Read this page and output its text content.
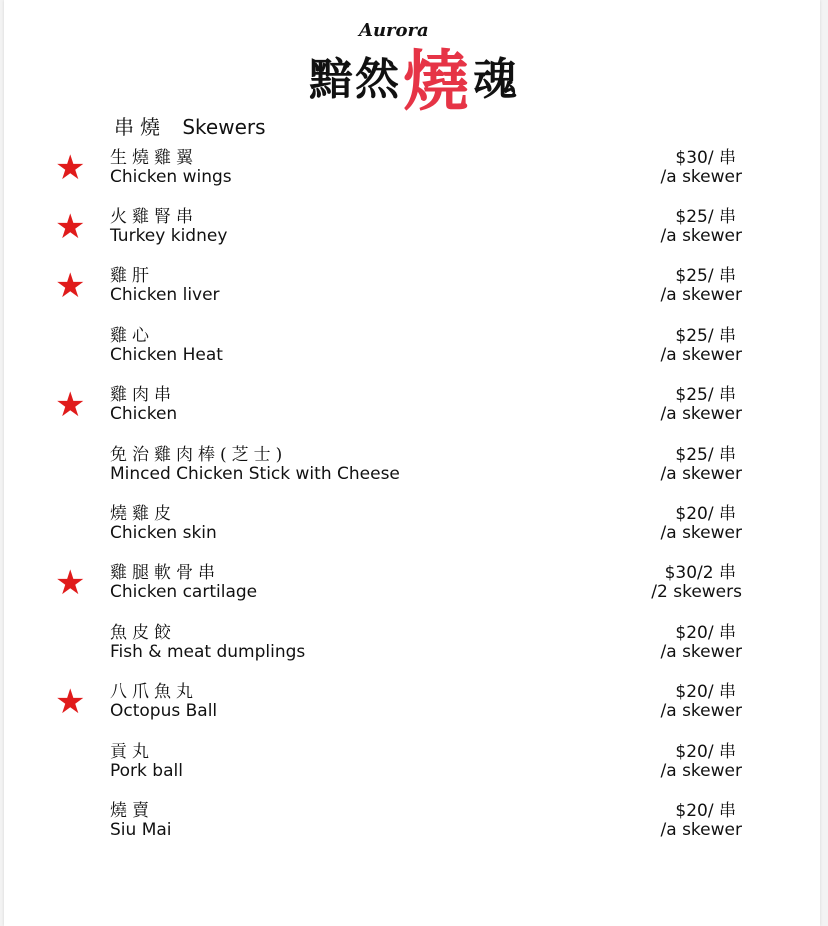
Aurora
黯然燒魂
串燒 Skewers
★ 生燒雞翼
Chicken wings
$30/ 串
/a skewer
★ 火雞腎串
Turkey kidney
$25/ 串
/a skewer
★ 雞肝
Chicken liver
$25/ 串
/a skewer
雞心
Chicken Heat
$25/ 串
/a skewer
★ 雞肉串
Chicken
$25/ 串
/a skewer
免治雞肉棒(芝士)
Minced Chicken Stick with Cheese
$25/ 串
/a skewer
燒雞皮
Chicken skin
$20/ 串
/a skewer
★ 雞腿軟骨串
Chicken cartilage
$30/2 串
/2 skewers
魚皮餃
Fish & meat dumplings
$20/ 串
/a skewer
★ 八爪魚丸
Octopus Ball
$20/ 串
/a skewer
貢丸
Pork ball
$20/ 串
/a skewer
燒賣
Siu Mai
$20/ 串
/a skewer
